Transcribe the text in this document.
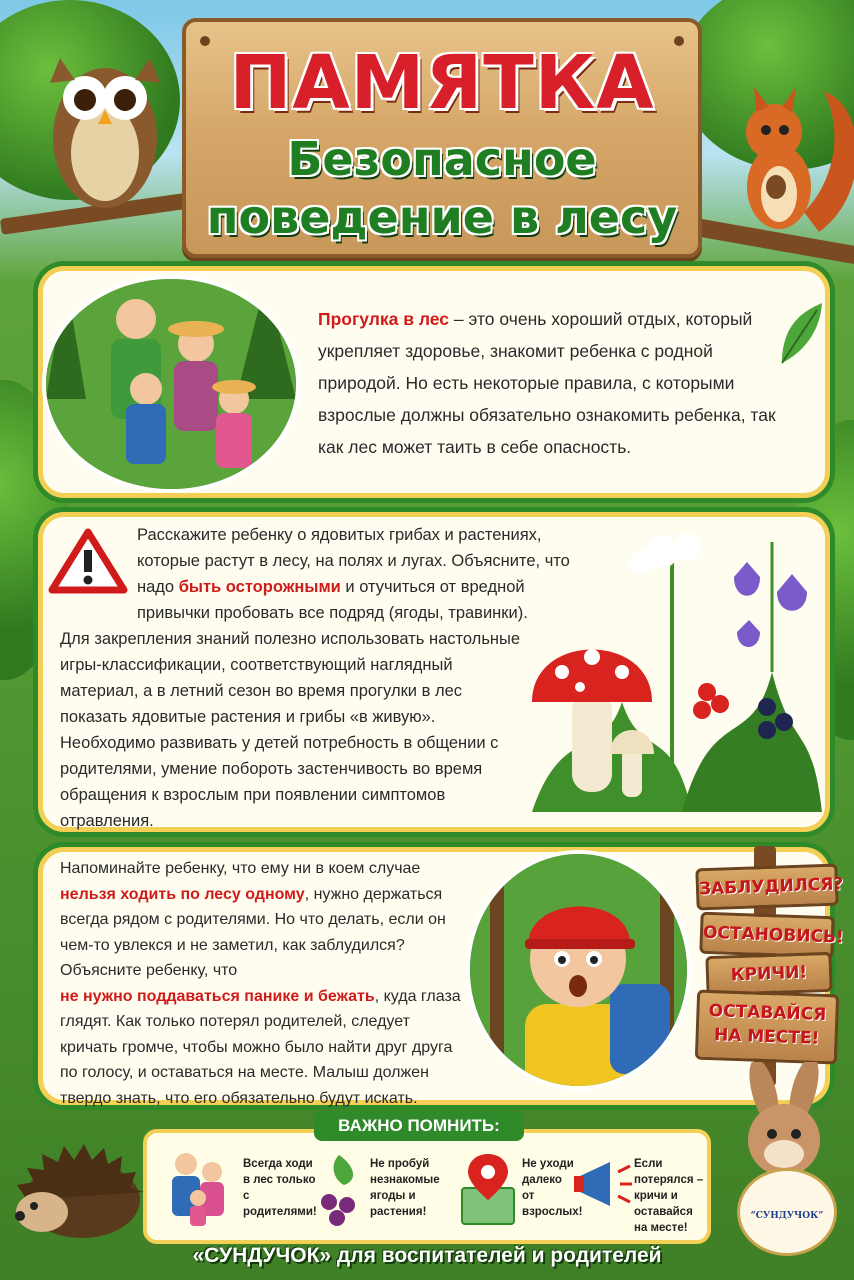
ПАМЯТКА
Безопасное
поведение в лесу
Прогулка в лес – это очень хороший отдых, который укрепляет здоровье, знакомит ребенка с родной природой. Но есть некоторые правила, с которыми взрослые должны обязательно ознакомить ребенка, так как лес может таить в себе опасность.
Расскажите ребенку о ядовитых грибах и растениях, которые растут в лесу, на полях и лугах. Объясните, что надо быть осторожными и отучиться от вредной привычки пробовать все подряд (ягоды, травинки).
Для закрепления знаний полезно использовать настольные игры-классификации, соответствующий наглядный материал, а в летний сезон во время прогулки в лес показать ядовитые растения и грибы «в живую». Необходимо развивать у детей потребность в общении с родителями, умение побороть застенчивость во время обращения к взрослым при появлении симптомов отравления.
Напоминайте ребенку, что ему ни в коем случае
нельзя ходить по лесу одному, нужно держаться всегда рядом с родителями. Но что делать, если он чем-то увлекся и не заметил, как заблудился? Объясните ребенку, что
не нужно поддаваться панике и бежать, куда глаза глядят. Как только потерял родителей, следует кричать громче, чтобы можно было найти друг друга по голосу, и оставаться на месте. Малыш должен твердо знать, что его обязательно будут искать.
ЗАБЛУДИЛСЯ?
ОСТАНОВИСЬ!
КРИЧИ!
ОСТАВАЙСЯ НА МЕСТЕ!
ВАЖНО ПОМНИТЬ:
Всегда ходи в лес только с родителями!
Не пробуй незнакомые ягоды и растения!
Не уходи далеко от взрослых!
Если потерялся – кричи и оставайся на месте!
“СУНДУЧОК”
«СУНДУЧОК» для воспитателей и родителей
